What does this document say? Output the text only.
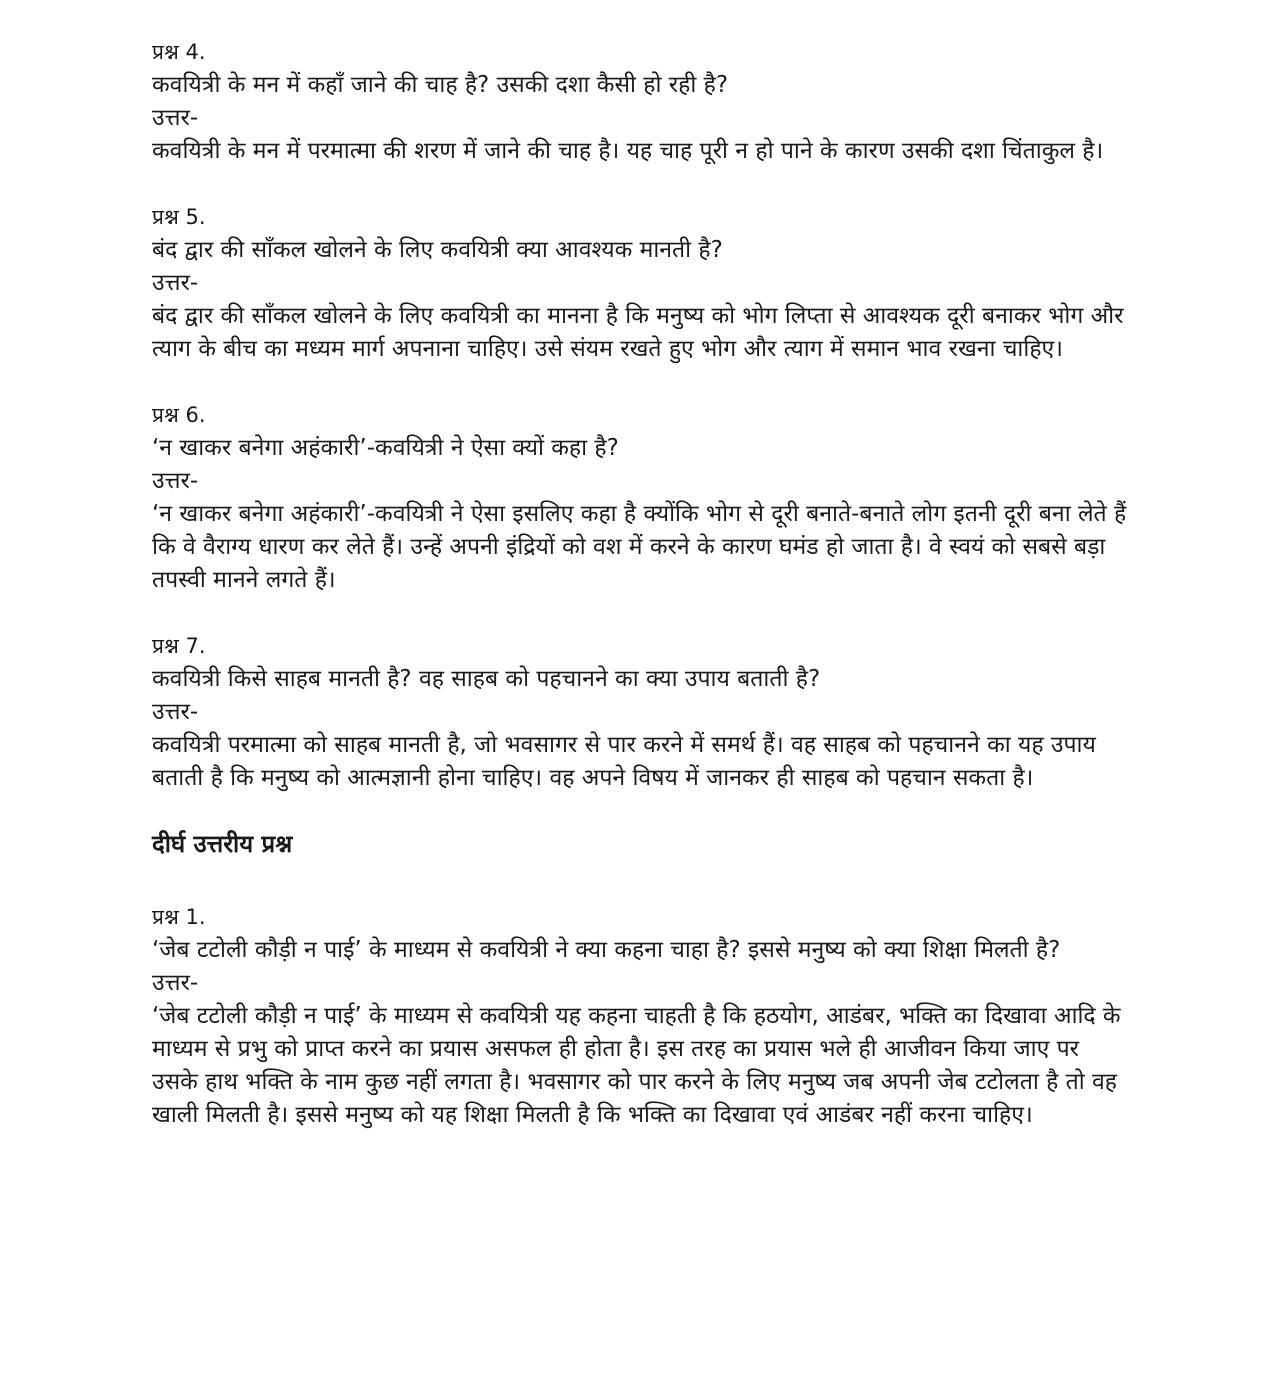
प्रश्न 4.

कवयित्री के मन में कहाँ जाने की चाह है? उसकी दशा कैसी हो रही है?

उत्तर-

कवयित्री के मन में परमात्मा की शरण में जाने की चाह है। यह चाह पूरी न हो पाने के कारण उसकी दशा चिंताकुल है।

प्रश्न 5.

बंद द्वार की साँकल खोलने के लिए कवयित्री क्या आवश्यक मानती है?

उत्तर-

बंद द्वार की साँकल खोलने के लिए कवयित्री का मानना है कि मनुष्य को भोग लिप्ता से आवश्यक दूरी बनाकर भोग और त्याग के बीच का मध्यम मार्ग अपनाना चाहिए। उसे संयम रखते हुए भोग और त्याग में समान भाव रखना चाहिए।

प्रश्न 6.

‘न खाकर बनेगा अहंकारी’-कवयित्री ने ऐसा क्यों कहा है?

उत्तर-

‘न खाकर बनेगा अहंकारी’-कवयित्री ने ऐसा इसलिए कहा है क्योंकि भोग से दूरी बनाते-बनाते लोग इतनी दूरी बना लेते हैं कि वे वैराग्य धारण कर लेते हैं। उन्हें अपनी इंद्रियों को वश में करने के कारण घमंड हो जाता है। वे स्वयं को सबसे बड़ा तपस्वी मानने लगते हैं।

प्रश्न 7.

कवयित्री किसे साहब मानती है? वह साहब को पहचानने का क्या उपाय बताती है?

उत्तर-

कवयित्री परमात्मा को साहब मानती है, जो भवसागर से पार करने में समर्थ हैं। वह साहब को पहचानने का यह उपाय बताती है कि मनुष्य को आत्मज्ञानी होना चाहिए। वह अपने विषय में जानकर ही साहब को पहचान सकता है।

दीर्घ उत्तरीय प्रश्न

प्रश्न 1.

‘जेब टटोली कौड़ी न पाई’ के माध्यम से कवयित्री ने क्या कहना चाहा है? इससे मनुष्य को क्या शिक्षा मिलती है?

उत्तर-

‘जेब टटोली कौड़ी न पाई’ के माध्यम से कवयित्री यह कहना चाहती है कि हठयोग, आडंबर, भक्ति का दिखावा आदि के माध्यम से प्रभु को प्राप्त करने का प्रयास असफल ही होता है। इस तरह का प्रयास भले ही आजीवन किया जाए पर उसके हाथ भक्ति के नाम कुछ नहीं लगता है। भवसागर को पार करने के लिए मनुष्य जब अपनी जेब टटोलता है तो वह खाली मिलती है। इससे मनुष्य को यह शिक्षा मिलती है कि भक्ति का दिखावा एवं आडंबर नहीं करना चाहिए।
